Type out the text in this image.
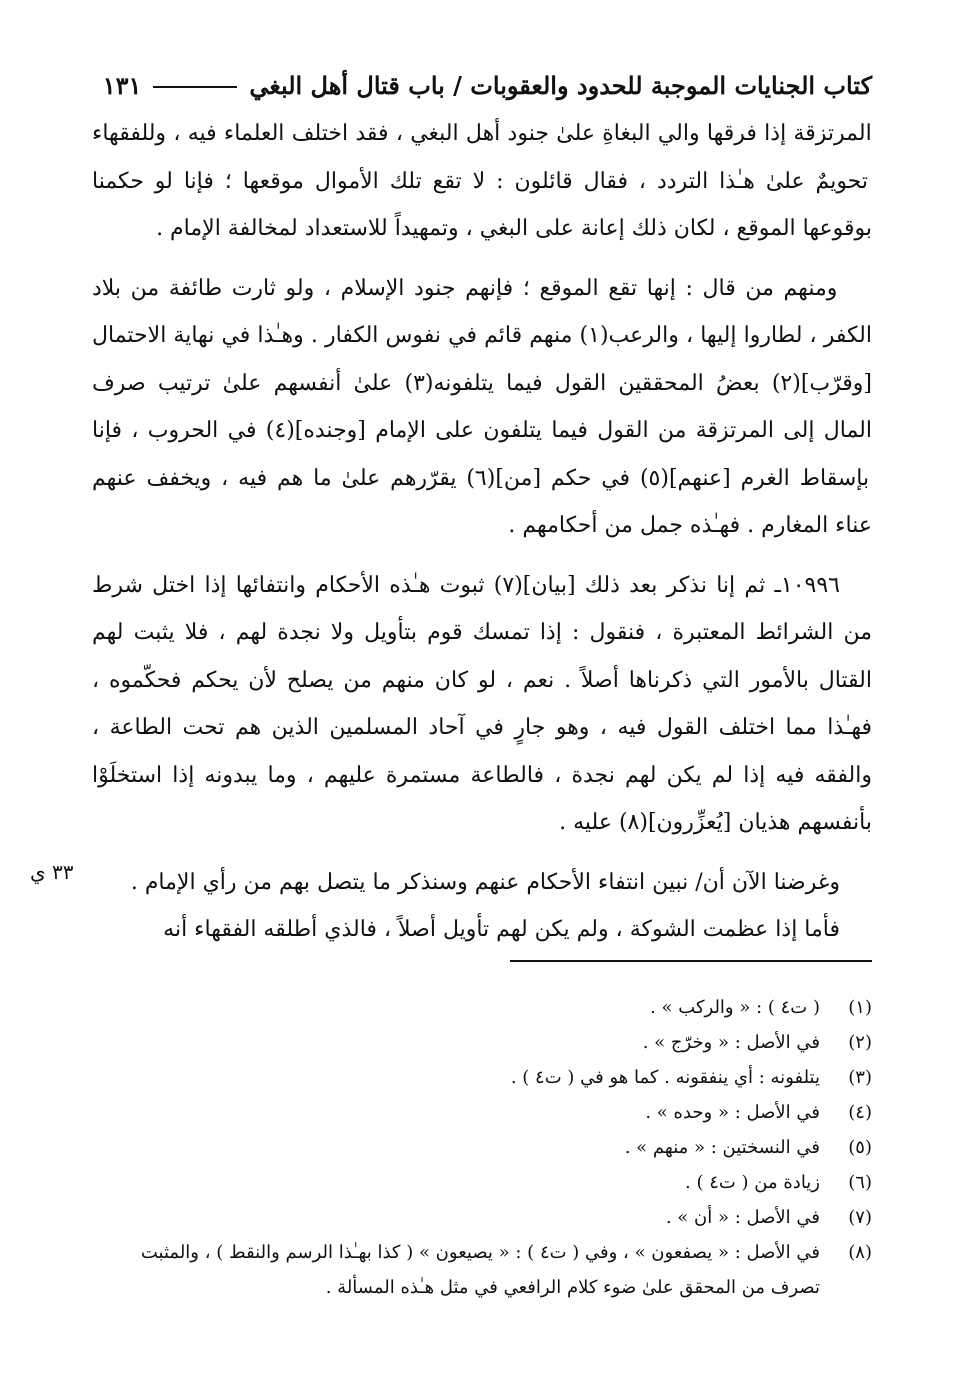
كتاب الجنايات الموجبة للحدود والعقوبات / باب قتال أهل البغي
١٣١

المرتزقة إذا فرقها والي البغاةِ علىٰ جنود أهل البغي ، فقد اختلف العلماء فيه ، وللفقهاء تحويمٌ علىٰ هـٰذا التردد ، فقال قائلون : لا تقع تلك الأموال موقعها ؛ فإنا لو حكمنا بوقوعها الموقع ، لكان ذلك إعانة على البغي ، وتمهيداً للاستعداد لمخالفة الإمام .

ومنهم من قال : إنها تقع الموقع ؛ فإنهم جنود الإسلام ، ولو ثارت طائفة من بلاد الكفر ، لطاروا إليها ، والرعب(١) منهم قائم في نفوس الكفار . وهـٰذا في نهاية الاحتمال [وقرّب](٢) بعضُ المحققين القول فيما يتلفونه(٣) علىٰ أنفسهم علىٰ ترتيب صرف المال إلى المرتزقة من القول فيما يتلفون على الإمام [وجنده](٤) في الحروب ، فإنا بإسقاط الغرم [عنهم](٥) في حكم [من](٦) يقرّرهم علىٰ ما هم فيه ، ويخفف عنهم عناء المغارم . فهـٰذه جمل من أحكامهم .

١٠٩٩٦ـ ثم إنا نذكر بعد ذلك [بيان](٧) ثبوت هـٰذه الأحكام وانتفائها إذا اختل شرط من الشرائط المعتبرة ، فنقول : إذا تمسك قوم بتأويل ولا نجدة لهم ، فلا يثبت لهم القتال بالأمور التي ذكرناها أصلاً . نعم ، لو كان منهم من يصلح لأن يحكم فحكّموه ، فهـٰذا مما اختلف القول فيه ، وهو جارٍ في آحاد المسلمين الذين هم تحت الطاعة ، والفقه فيه إذا لم يكن لهم نجدة ، فالطاعة مستمرة عليهم ، وما يبدونه إذا استخلَوْا بأنفسهم هذيان [يُعزِّرون](٨) عليه .

وغرضنا الآن أن/ نبين انتفاء الأحكام عنهم وسنذكر ما يتصل بهم من رأي الإمام .

فأما إذا عظمت الشوكة ، ولم يكن لهم تأويل أصلاً ، فالذي أطلقه الفقهاء أنه

(١)
( ت٤ ) : « والركب » .
(٢)
في الأصل : « وخرّج » .
(٣)
يتلفونه : أي ينفقونه . كما هو في ( ت٤ ) .
(٤)
في الأصل : « وحده » .
(٥)
في النسختين : « منهم » .
(٦)
زيادة من ( ت٤ ) .
(٧)
في الأصل : « أن » .
(٨)
في الأصل : « يصفعون » ، وفي ( ت٤ ) : « يصيعون » ( كذا بهـٰذا الرسم والنقط ) ، والمثبت تصرف من المحقق علىٰ ضوء كلام الرافعي في مثل هـٰذه المسألة .
٣٣ ي
